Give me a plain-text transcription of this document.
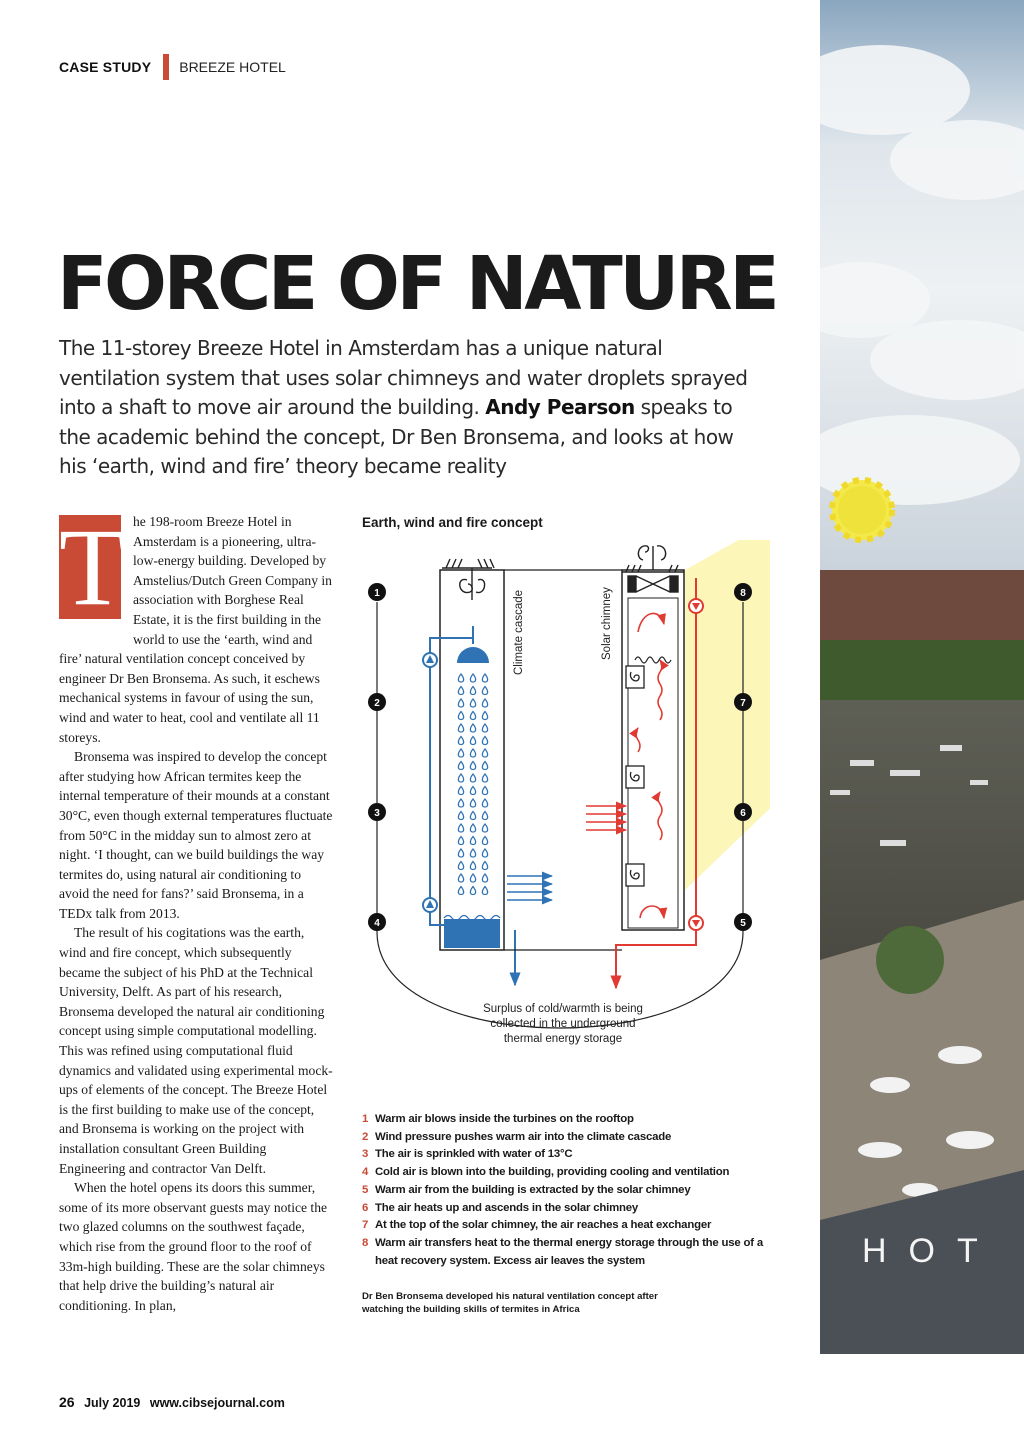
CASE STUDY BREEZE HOTEL
FORCE OF NATURE
The 11-storey Breeze Hotel in Amsterdam has a unique natural ventilation system that uses solar chimneys and water droplets sprayed into a shaft to move air around the building. Andy Pearson speaks to the academic behind the concept, Dr Ben Bronsema, and looks at how his ‘earth, wind and fire’ theory became reality
T he 198-room Breeze Hotel in Amsterdam is a pioneering, ultra-low-energy building. Developed by Amstelius/Dutch Green Company in association with Borghese Real Estate, it is the first building in the world to use the ‘earth, wind and fire’ natural ventilation concept conceived by engineer Dr Ben Bronsema. As such, it eschews mechanical systems in favour of using the sun, wind and water to heat, cool and ventilate all 11 storeys.

Bronsema was inspired to develop the concept after studying how African termites keep the internal temperature of their mounds at a constant 30°C, even though external temperatures fluctuate from 50°C in the midday sun to almost zero at night. ‘I thought, can we build buildings the way termites do, using natural air conditioning to avoid the need for fans?’ said Bronsema, in a TEDx talk from 2013.

The result of his cogitations was the earth, wind and fire concept, which subsequently became the subject of his PhD at the Technical University, Delft. As part of his research, Bronsema developed the natural air conditioning concept using simple computational modelling. This was refined using computational fluid dynamics and validated using experimental mock-ups of elements of the concept. The Breeze Hotel is the first building to make use of the concept, and Bronsema is working on the project with installation consultant Green Building Engineering and contractor Van Delft.

When the hotel opens its doors this summer, some of its more observant guests may notice the two glazed columns on the southwest façade, which rise from the ground floor to the roof of 33m-high building. These are the solar chimneys that help drive the building’s natural air conditioning. In plan,

Earth, wind and fire concept
Climate cascade	Solar chimney
1
2
3
4	5
6
7
8
Surplus of cold/warmth is being
collected in the underground
thermal energy storage
1 Warm air blows inside the turbines on the rooftop
2 Wind pressure pushes warm air into the climate cascade
3 The air is sprinkled with water of 13°C
4 Cold air is blown into the building, providing cooling and ventilation
5 Warm air from the building is extracted by the solar chimney
6 The air heats up and ascends in the solar chimney
7 At the top of the solar chimney, the air reaches a heat exchanger
8 Warm air transfers heat to the thermal energy storage through the use of a heat recovery system. Excess air leaves the system
Dr Ben Bronsema developed his natural ventilation concept after watching the building skills of termites in Africa
HOT
26 July 2019 www.cibsejournal.com
